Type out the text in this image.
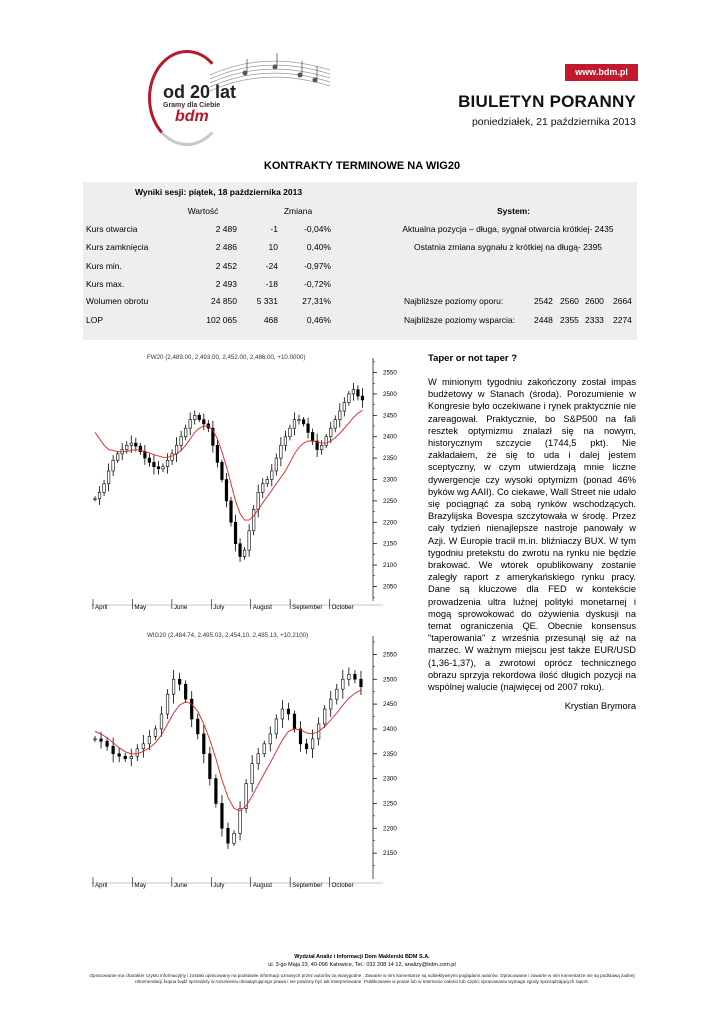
od 20 lat
Gramy dla Ciebie
bdm
www.bdm.pl
BIULETYN PORANNY
poniedziałek, 21 października 2013
KONTRAKTY TERMINOWE NA WIG20
Wyniki sesji: piątek, 18 października 2013
Wartość	Zmiana	System:
Kurs otwarcia	2 489	-1	-0,04%
Kurs zamknięcia	2 486	10	0,40%
Kurs min.	2 452	-24	-0,97%
Kurs max.	2 493	-18	-0,72%
Wolumen obrotu	24 850	5 331	27,31%
LOP	102 065	468	0,46%
Aktualna pozycja – długa, sygnał otwarcia krótkiej- 2435
Ostatnia zmiana sygnału z krótkiej na długą- 2395
Najbliższe poziomy oporu:	2542 2560 2600 2664
Najbliższe poziomy wsparcia: 2448 2355 2333 2274
FW20 (2,489.00, 2,493.00, 2,452.00, 2,486.00, +10.0000)
2050
2100
2150
2200
2250
2300
2350
2400
2450
2500
2550
April	May	June	July	August	September October
WIG20 (2,484.74, 2,495.03, 2,454.10, 2,485.13, +10.2100)
2150
2200
2250
2300
2350
2400
2450
2500
2550
April	May	June	July	August	September October
Taper or not taper ?
W minionym tygodniu zakończony został impas budżetowy w Stanach (środa). Porozumienie w Kongresie było oczekiwane i rynek praktycznie nie zareagował. Praktycznie, bo S&P500 na fali resztek optymizmu znalazł się na nowym, historycznym szczycie (1744,5 pkt). Nie zakładałem, że się to uda i dalej jestem sceptyczny, w czym utwierdzają mnie liczne dywergencje czy wysoki optymizm (ponad 46% byków wg AAII). Co ciekawe, Wall Street nie udało się pociągnąć za sobą rynków wschodzących. Brazylijska Bovespa szczytowała w środę. Przez cały tydzień nienajlepsze nastroje panowały w Azji. W Europie tracił m.in. bliźniaczy BUX. W tym tygodniu pretekstu do zwrotu na rynku nie będzie brakować. We wtorek opublikowany zostanie zaległy raport z amerykańskiego rynku pracy. Dane są kluczowe dla FED w kontekście prowadzenia ultra luźnej polityki monetarnej i mogą sprowokować do ożywienia dyskusji na temat ograniczenia QE. Obecnie konsensus "taperowania" z września przesunął się aż na marzec. W ważnym miejscu jest także EUR/USD (1,36-1,37), a zwrotowi oprócz technicznego obrazu sprzyja rekordowa ilość długich pozycji na wspólnej walucie (najwięcej od 2007 roku).
Krystian Brymora
Wydział Analiz i Informacji Dom Maklerski BDM S.A.
ul. 3-go Maja 23, 40-096 Katowice, Tel.: 032 208 14 12, analizy@bdm.com.pl
Opracowanie ma charakter czysto informacyjny i zostało opracowany na podstawie informacji uznanych przez autorów za wiarygodne . Zawarte w nim komentarze są subiektywnymi poglądami autorów. Opracowanie i zawarte w nim komentarze nie są podstawą żadnej rekomendacji kupna bądź sprzedaży w rozumieniu obowiązującego prawa i nie powinny być tak interpretowane. Publikowanie w prasie lub w Internecie całości lub części opracowania wymaga zgody sporządzających raport.
